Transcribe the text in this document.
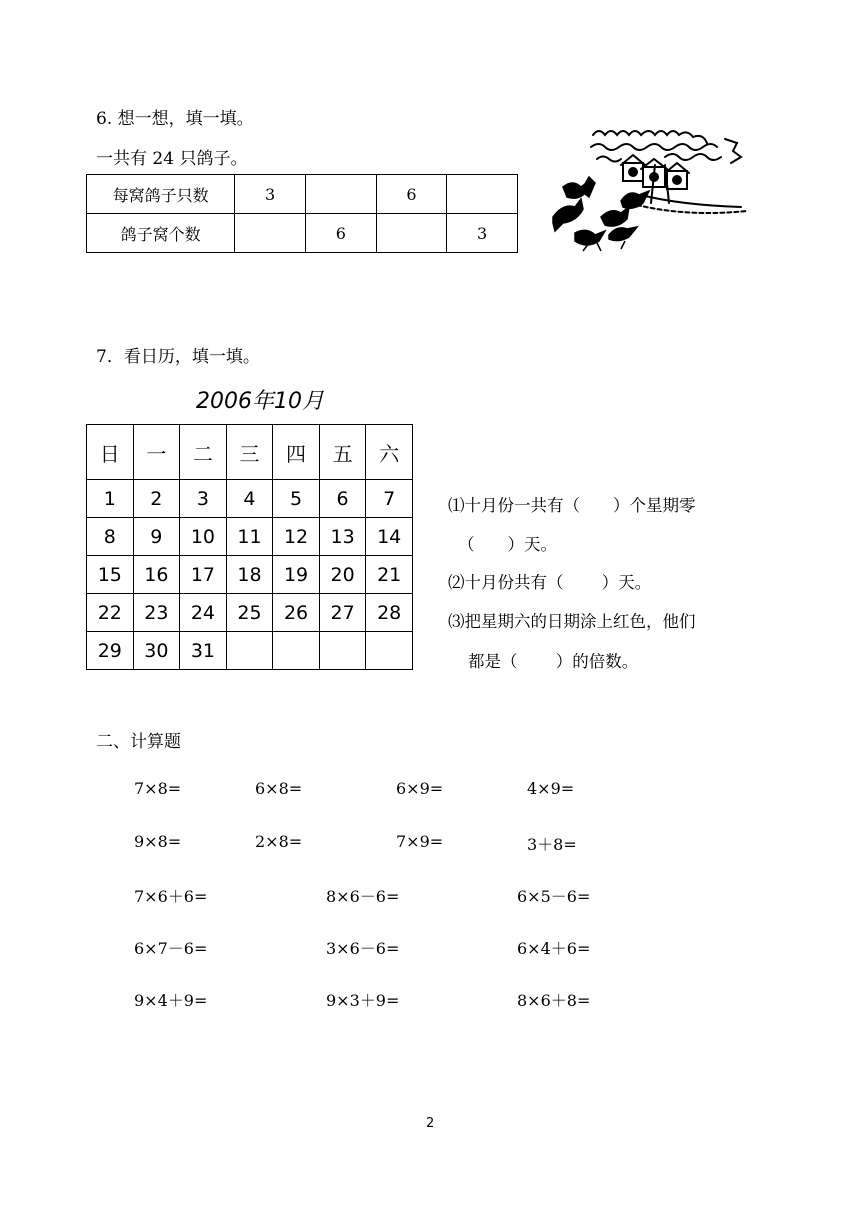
6. 想一想，填一填。
一共有 24 只鸽子。
每窝鸽子只数	3		6	
鸽子窝个数		6		3
7．看日历，填一填。
2006年10月
日	一	二	三	四	五	六
1	2	3	4	5	6	7
8	9	10	11	12	13	14
15	16	17	18	19	20	21
22	23	24	25	26	27	28
29	30	31				
⑴十月份一共有（　　）个星期零
（　　）天。
⑵十月份共有（　　 ）天。
⑶把星期六的日期涂上红色，他们
都是（　　 ）的倍数。
二、计算题
7×8=	6×8=	6×9=	4×9=
9×8=	2×8=	7×9=	3＋8=
7×6＋6=	8×6－6=	6×5－6=
6×7－6=	3×6－6=	6×4＋6=
9×4＋9=	9×3＋9=	8×6＋8=
2
